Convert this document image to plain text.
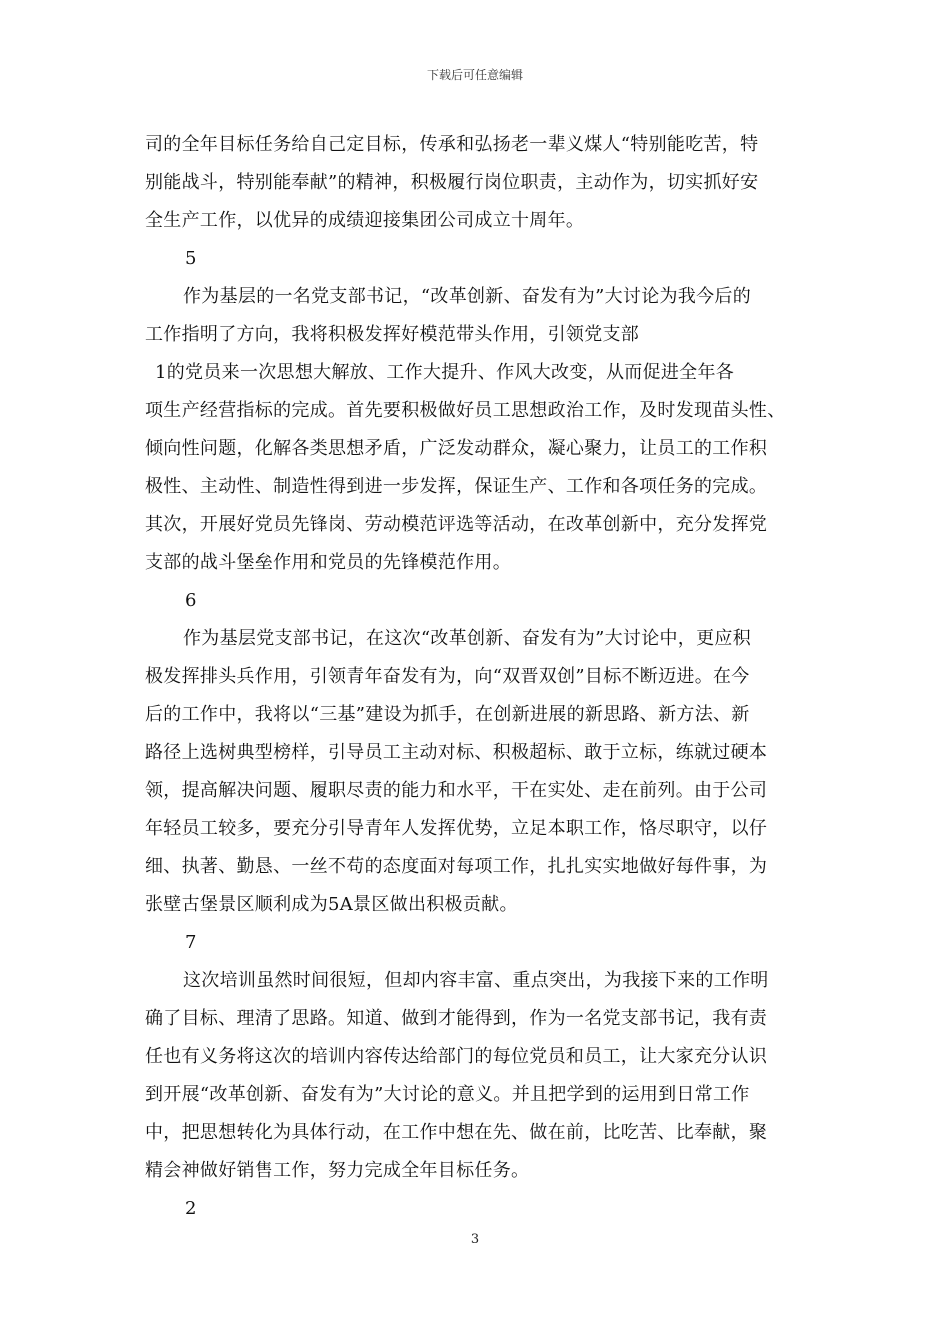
下载后可任意编辑
司的全年目标任务给自己定目标，传承和弘扬老一辈义煤人“特别能吃苦，特
别能战斗，特别能奉献”的精神，积极履行岗位职责，主动作为，切实抓好安
全生产工作，以优异的成绩迎接集团公司成立十周年。
5
作为基层的一名党支部书记，“改革创新、奋发有为”大讨论为我今后的
工作指明了方向，我将积极发挥好模范带头作用，引领党支部
1的党员来一次思想大解放、工作大提升、作风大改变，从而促进全年各
项生产经营指标的完成。首先要积极做好员工思想政治工作，及时发现苗头性、
倾向性问题，化解各类思想矛盾，广泛发动群众，凝心聚力，让员工的工作积
极性、主动性、制造性得到进一步发挥，保证生产、工作和各项任务的完成。
其次，开展好党员先锋岗、劳动模范评选等活动，在改革创新中，充分发挥党
支部的战斗堡垒作用和党员的先锋模范作用。
6
作为基层党支部书记，在这次“改革创新、奋发有为”大讨论中，更应积
极发挥排头兵作用，引领青年奋发有为，向“双晋双创”目标不断迈进。在今
后的工作中，我将以“三基”建设为抓手，在创新进展的新思路、新方法、新
路径上选树典型榜样，引导员工主动对标、积极超标、敢于立标，练就过硬本
领，提高解决问题、履职尽责的能力和水平，干在实处、走在前列。由于公司
年轻员工较多，要充分引导青年人发挥优势，立足本职工作，恪尽职守，以仔
细、执著、勤恳、一丝不苟的态度面对每项工作，扎扎实实地做好每件事，为
张壁古堡景区顺利成为5A景区做出积极贡献。
7
这次培训虽然时间很短，但却内容丰富、重点突出，为我接下来的工作明
确了目标、理清了思路。知道、做到才能得到，作为一名党支部书记，我有责
任也有义务将这次的培训内容传达给部门的每位党员和员工，让大家充分认识
到开展“改革创新、奋发有为”大讨论的意义。并且把学到的运用到日常工作
中，把思想转化为具体行动，在工作中想在先、做在前，比吃苦、比奉献，聚
精会神做好销售工作，努力完成全年目标任务。
2
3
